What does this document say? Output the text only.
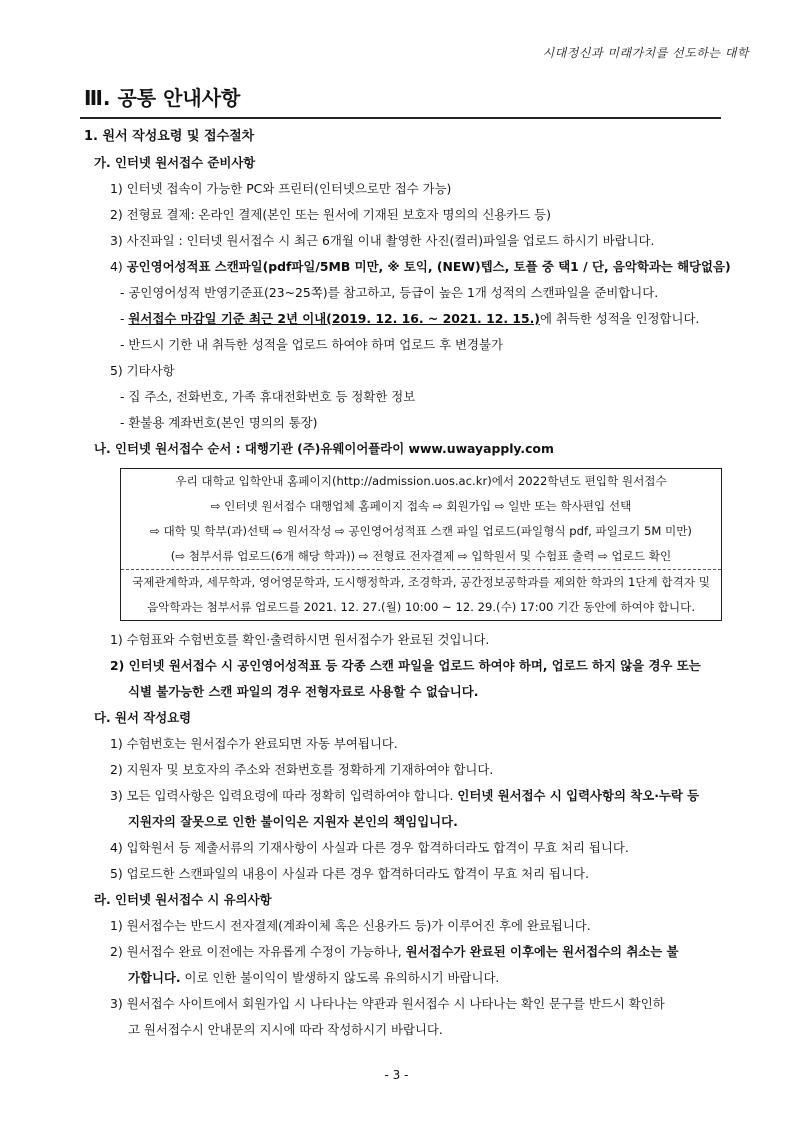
시대정신과 미래가치를 선도하는 대학
Ⅲ. 공통 안내사항
1. 원서 작성요령 및 접수절차
가. 인터넷 원서접수 준비사항
1) 인터넷 접속이 가능한 PC와 프린터(인터넷으로만 접수 가능)
2) 전형료 결제: 온라인 결제(본인 또는 원서에 기재된 보호자 명의의 신용카드 등)
3) 사진파일 : 인터넷 원서접수 시 최근 6개월 이내 촬영한 사진(컬러)파일을 업로드 하시기 바랍니다.
4) 공인영어성적표 스캔파일(pdf파일/5MB 미만, ※ 토익, (NEW)텝스, 토플 중 택1 / 단, 음악학과는 해당없음)
- 공인영어성적 반영기준표(23~25쪽)를 참고하고, 등급이 높은 1개 성적의 스캔파일을 준비합니다.
- 원서접수 마감일 기준 최근 2년 이내(2019. 12. 16. ~ 2021. 12. 15.)에 취득한 성적을 인정합니다.
- 반드시 기한 내 취득한 성적을 업로드 하여야 하며 업로드 후 변경불가
5) 기타사항
- 집 주소, 전화번호, 가족 휴대전화번호 등 정확한 정보
- 환불용 계좌번호(본인 명의의 통장)
나. 인터넷 원서접수 순서 : 대행기관 (주)유웨이어플라이 www.uwayapply.com
우리 대학교 입학안내 홈페이지(http://admission.uos.ac.kr)에서 2022학년도 편입학 원서접수
⇨ 인터넷 원서접수 대행업체 홈페이지 접속 ⇨ 회원가입 ⇨ 일반 또는 학사편입 선택
⇨ 대학 및 학부(과)선택 ⇨ 원서작성 ⇨ 공인영어성적표 스캔 파일 업로드(파일형식 pdf, 파일크기 5M 미만)
(⇨ 첨부서류 업로드(6개 해당 학과)) ⇨ 전형료 전자결제 ⇨ 입학원서 및 수험표 출력 ⇨ 업로드 확인
국제관계학과, 세무학과, 영어영문학과, 도시행정학과, 조경학과, 공간정보공학과를 제외한 학과의 1단계 합격자 및
음악학과는 첨부서류 업로드를 2021. 12. 27.(월) 10:00 ~ 12. 29.(수) 17:00 기간 동안에 하여야 합니다.
1) 수험표와 수험번호를 확인·출력하시면 원서접수가 완료된 것입니다.
2) 인터넷 원서접수 시 공인영어성적표 등 각종 스캔 파일을 업로드 하여야 하며, 업로드 하지 않을 경우 또는
식별 불가능한 스캔 파일의 경우 전형자료로 사용할 수 없습니다.
다. 원서 작성요령
1) 수험번호는 원서접수가 완료되면 자동 부여됩니다.
2) 지원자 및 보호자의 주소와 전화번호를 정확하게 기재하여야 합니다.
3) 모든 입력사항은 입력요령에 따라 정확히 입력하여야 합니다. 인터넷 원서접수 시 입력사항의 착오·누락 등
지원자의 잘못으로 인한 불이익은 지원자 본인의 책임입니다.
4) 입학원서 등 제출서류의 기재사항이 사실과 다른 경우 합격하더라도 합격이 무효 처리 됩니다.
5) 업로드한 스캔파일의 내용이 사실과 다른 경우 합격하더라도 합격이 무효 처리 됩니다.
라. 인터넷 원서접수 시 유의사항
1) 원서접수는 반드시 전자결제(계좌이체 혹은 신용카드 등)가 이루어진 후에 완료됩니다.
2) 원서접수 완료 이전에는 자유롭게 수정이 가능하나, 원서접수가 완료된 이후에는 원서접수의 취소는 불
가합니다. 이로 인한 불이익이 발생하지 않도록 유의하시기 바랍니다.
3) 원서접수 사이트에서 회원가입 시 나타나는 약관과 원서접수 시 나타나는 확인 문구를 반드시 확인하
고 원서접수시 안내문의 지시에 따라 작성하시기 바랍니다.
- 3 -
